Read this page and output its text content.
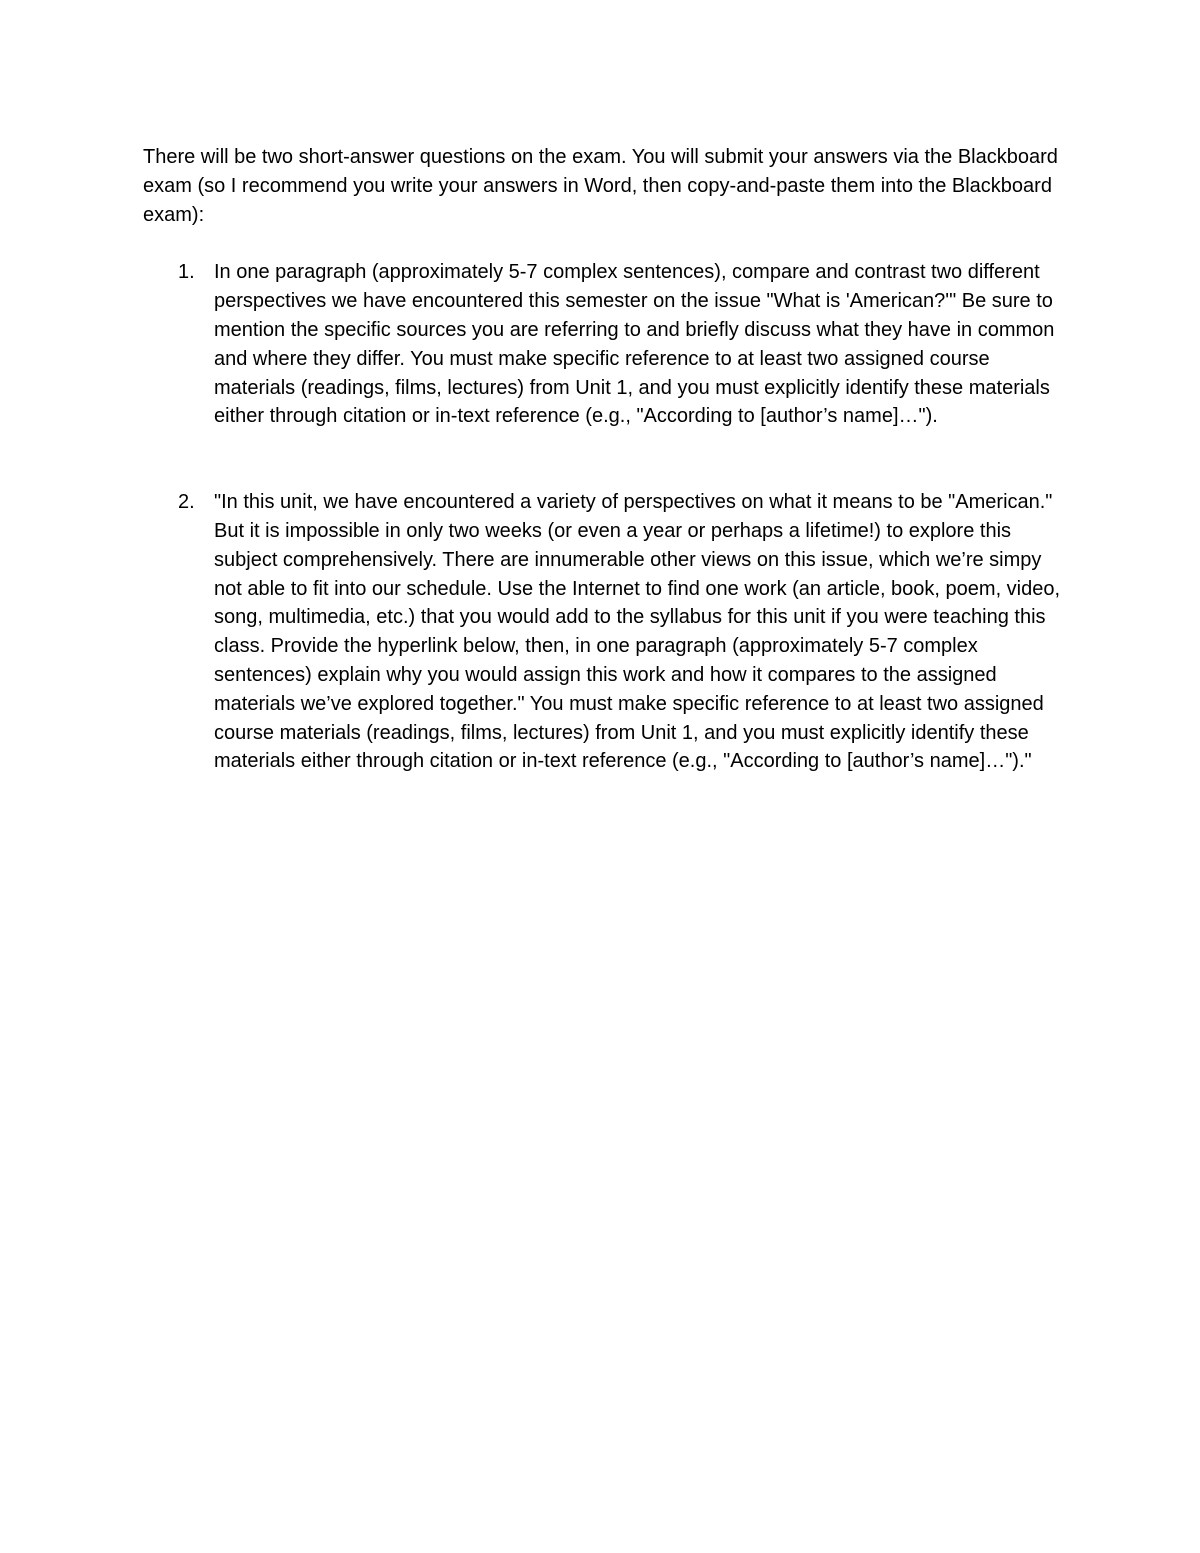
There will be two short-answer questions on the exam. You will submit your answers via the Blackboard exam (so I recommend you write your answers in Word, then copy-and-paste them into the Blackboard exam):

1. In one paragraph (approximately 5-7 complex sentences), compare and contrast two different perspectives we have encountered this semester on the issue "What is 'American?'" Be sure to mention the specific sources you are referring to and briefly discuss what they have in common and where they differ. You must make specific reference to at least two assigned course materials (readings, films, lectures) from Unit 1, and you must explicitly identify these materials either through citation or in-text reference (e.g., "According to [author’s name]…").
2. "In this unit, we have encountered a variety of perspectives on what it means to be "American." But it is impossible in only two weeks (or even a year or perhaps a lifetime!) to explore this subject comprehensively. There are innumerable other views on this issue, which we’re simpy not able to fit into our schedule. Use the Internet to find one work (an article, book, poem, video, song, multimedia, etc.) that you would add to the syllabus for this unit if you were teaching this class. Provide the hyperlink below, then, in one paragraph (approximately 5-7 complex sentences) explain why you would assign this work and how it compares to the assigned materials we’ve explored together." You must make specific reference to at least two assigned course materials (readings, films, lectures) from Unit 1, and you must explicitly identify these materials either through citation or in-text reference (e.g., "According to [author’s name]…")."
